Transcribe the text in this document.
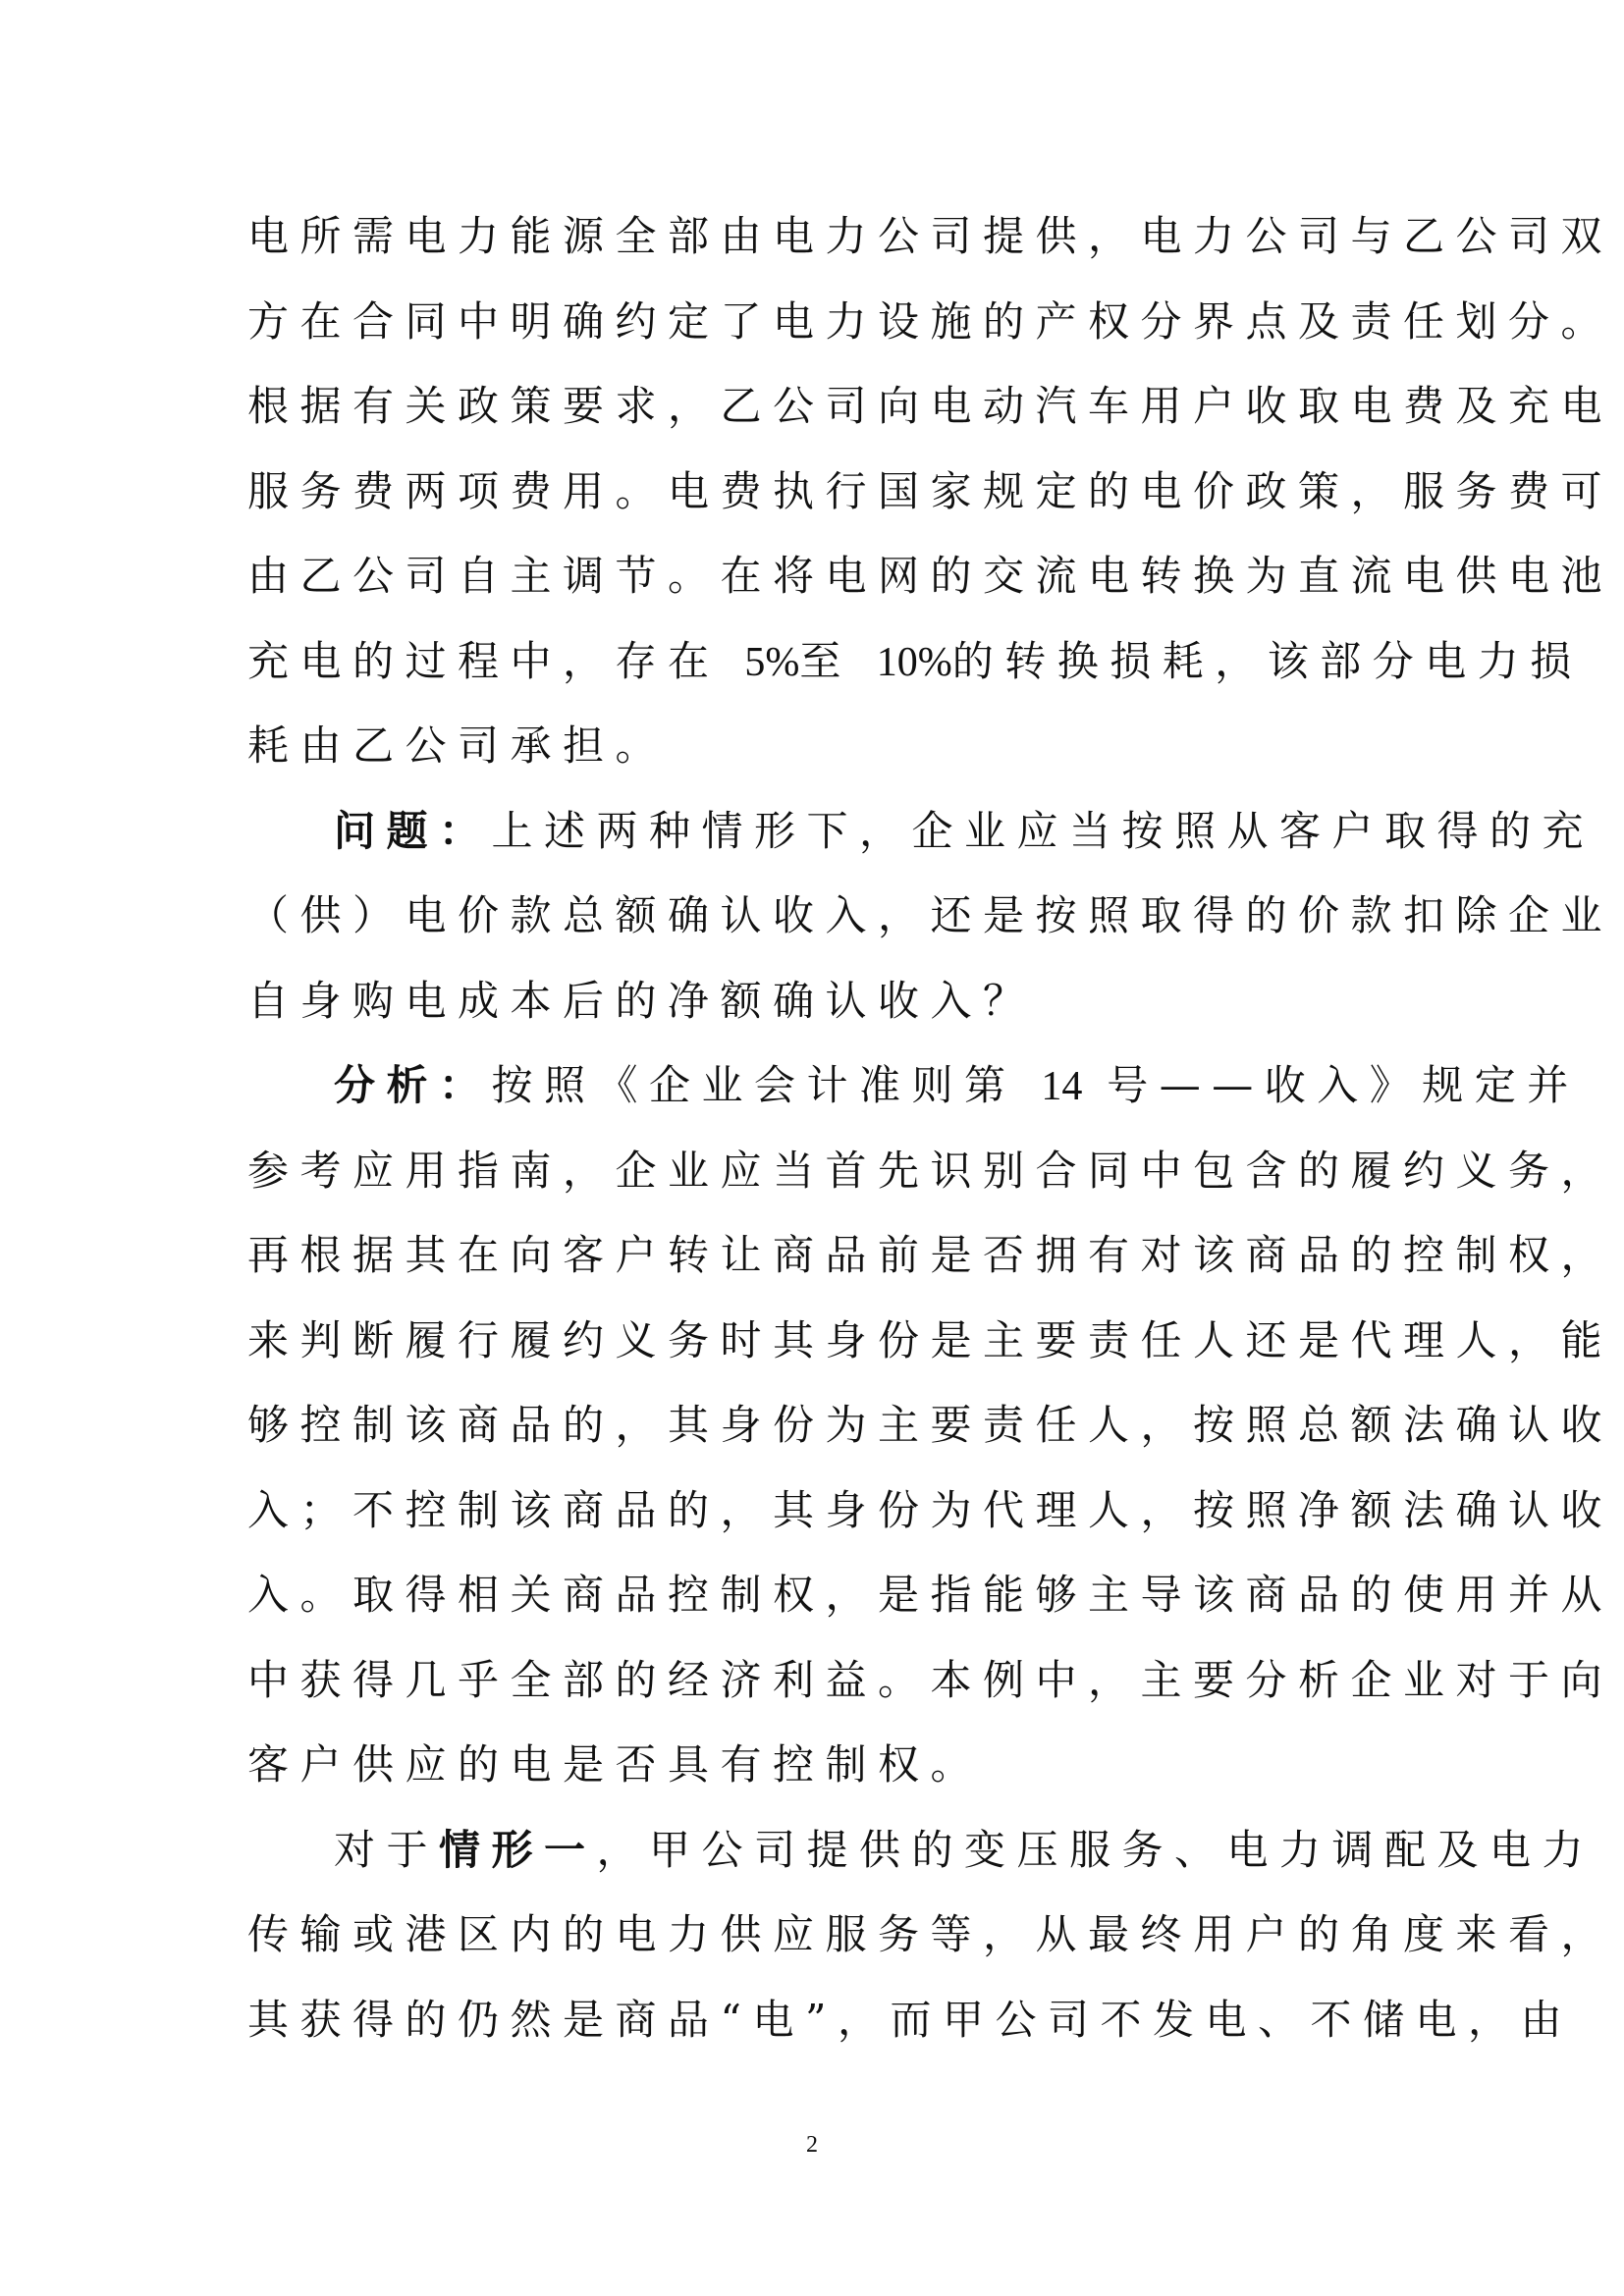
电所需电力能源全部由电力公司提供，电力公司与乙公司双
方在合同中明确约定了电力设施的产权分界点及责任划分。
根据有关政策要求，乙公司向电动汽车用户收取电费及充电
服务费两项费用。电费执行国家规定的电价政策，服务费可
由乙公司自主调节。在将电网的交流电转换为直流电供电池
充电的过程中，存在 5%至 10%的转换损耗，该部分电力损
耗由乙公司承担。
问题：上述两种情形下，企业应当按照从客户取得的充
（供）电价款总额确认收入，还是按照取得的价款扣除企业
自身购电成本后的净额确认收入？
分析：按照《企业会计准则第 14 号——收入》规定并
参考应用指南，企业应当首先识别合同中包含的履约义务，
再根据其在向客户转让商品前是否拥有对该商品的控制权，
来判断履行履约义务时其身份是主要责任人还是代理人，能
够控制该商品的，其身份为主要责任人，按照总额法确认收
入；不控制该商品的，其身份为代理人，按照净额法确认收
入。取得相关商品控制权，是指能够主导该商品的使用并从
中获得几乎全部的经济利益。本例中，主要分析企业对于向
客户供应的电是否具有控制权。
对于情形一，甲公司提供的变压服务、电力调配及电力
传输或港区内的电力供应服务等，从最终用户的角度来看，
其获得的仍然是商品“电”，而甲公司不发电、不储电，由
2
